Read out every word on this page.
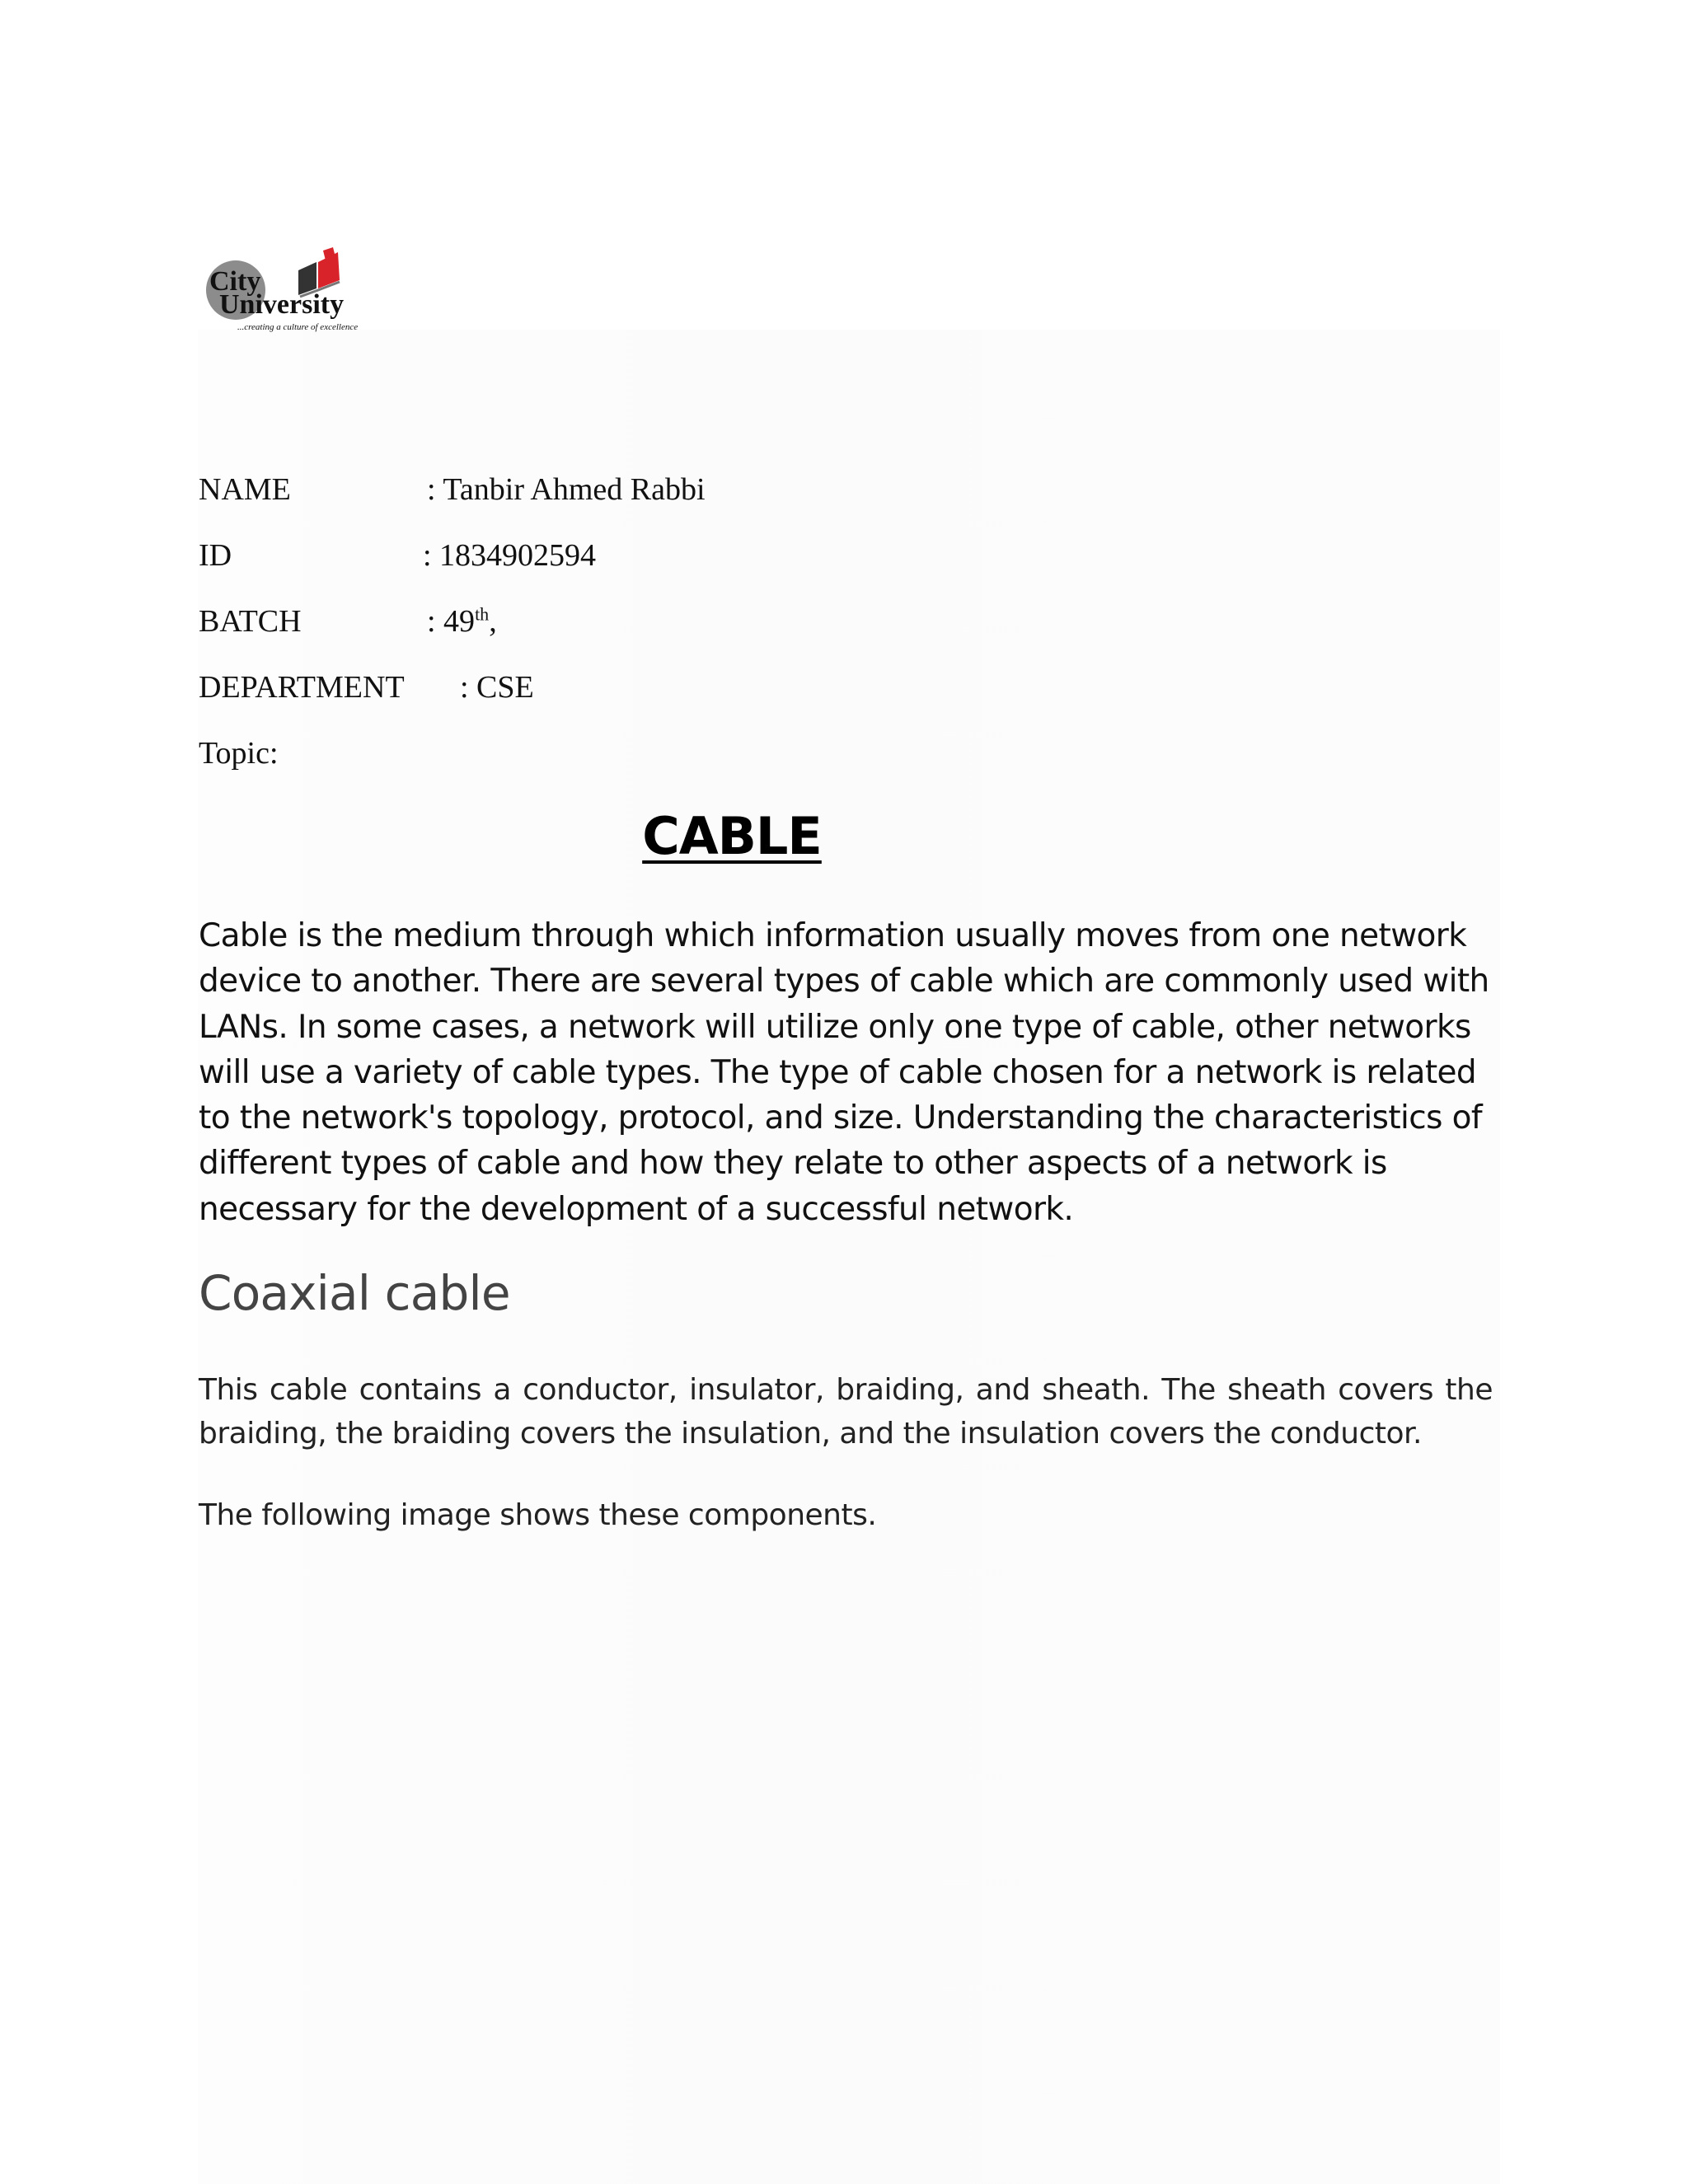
City
University
...creating a culture of excellence
NAME	: Tanbir Ahmed Rabbi
ID	: 1834902594
BATCH	: 49th,
DEPARTMENT : CSE
Topic:
CABLE
Cable is the medium through which information usually moves from one network device to another. There are several types of cable which are commonly used with LANs. In some cases, a network will utilize only one type of cable, other networks will use a variety of cable types. The type of cable chosen for a network is related to the network's topology, protocol, and size. Understanding the characteristics of different types of cable and how they relate to other aspects of a network is necessary for the development of a successful network.
Coaxial cable
This cable contains a conductor, insulator, braiding, and sheath. The sheath covers the braiding, the braiding covers the insulation, and the insulation covers the conductor.
The following image shows these components.
